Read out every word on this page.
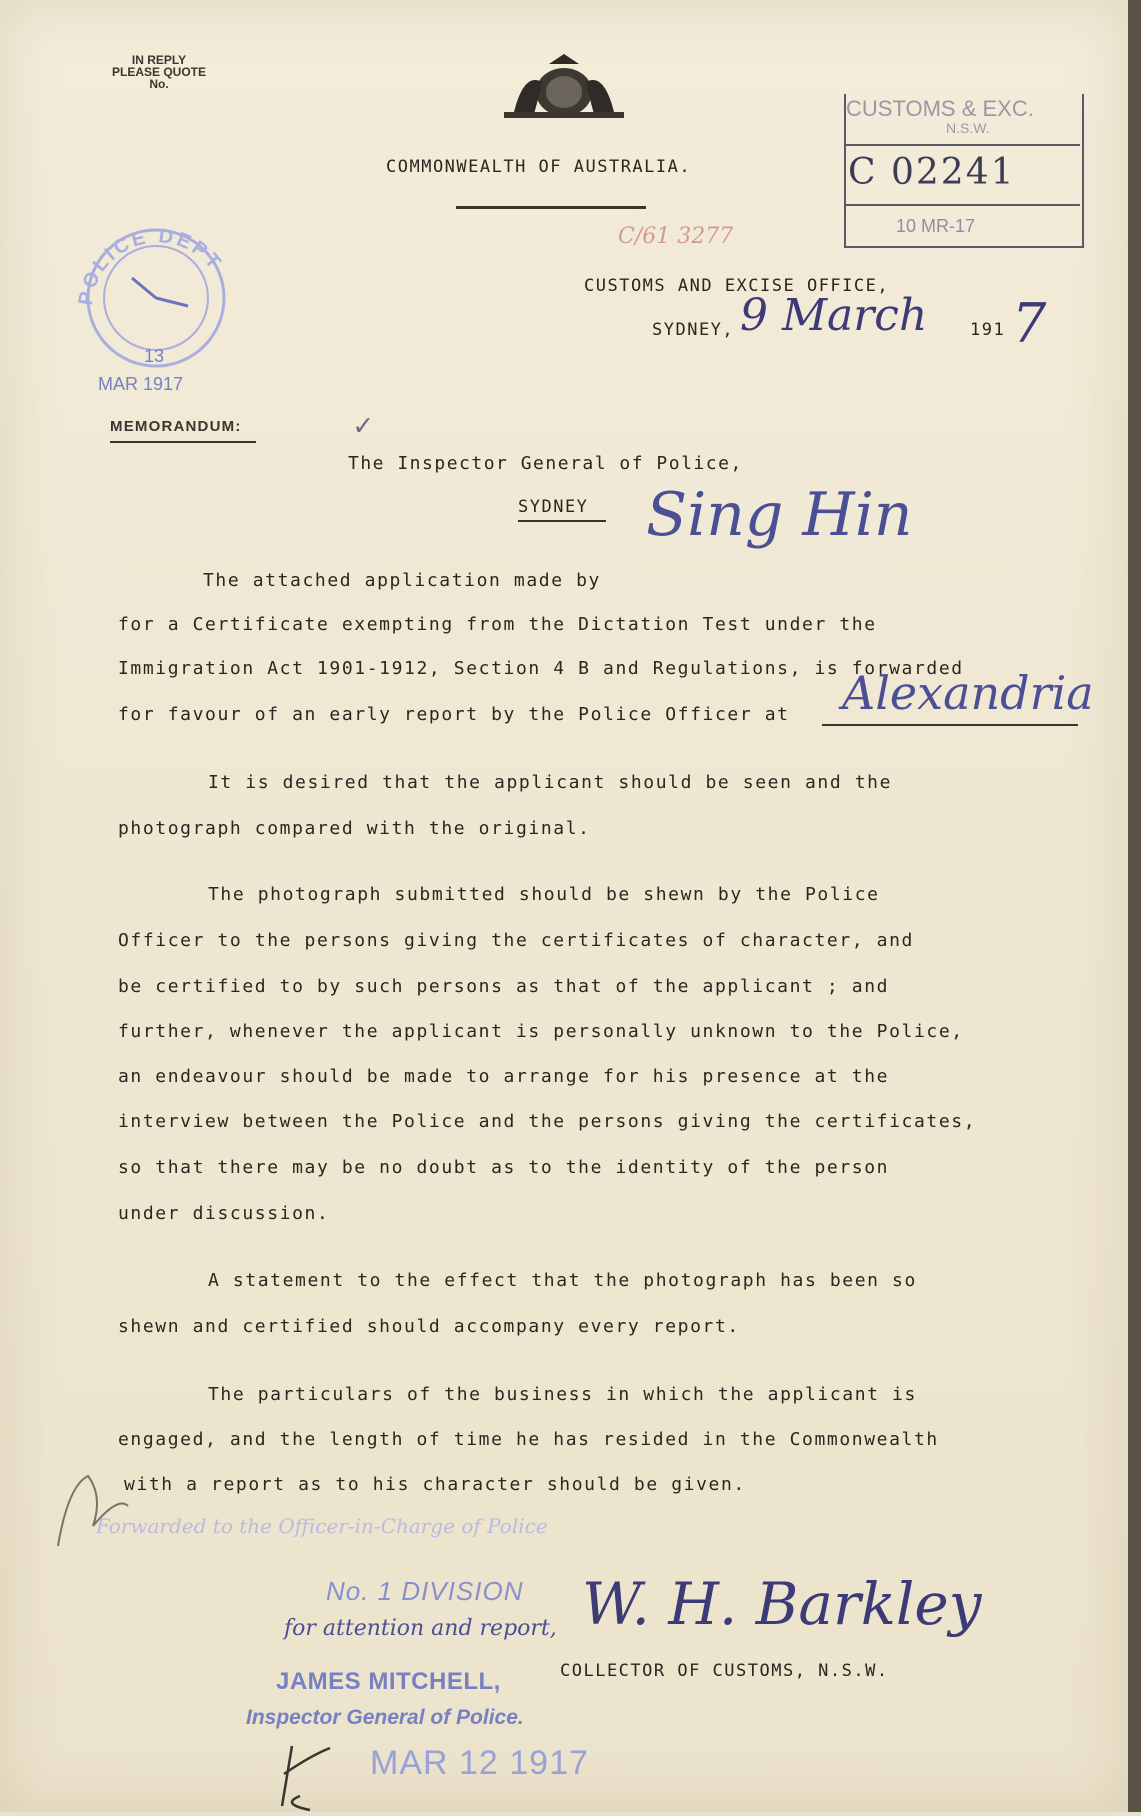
IN REPLY
PLEASE QUOTE
No.
COMMONWEALTH OF AUSTRALIA.
C/61 3277
CUSTOMS & EXC.
N.S.W.
C 02241
10 MR-17
POLICE DEPT
13
MAR 1917
CUSTOMS AND EXCISE OFFICE,
SYDNEY, 9 March	191 7
MEMORANDUM:	✓
The Inspector General of Police,
SYDNEY Sing Hin
The attached application made by
for a Certificate exempting from the Dictation Test under the
Immigration Act 1901-1912, Section 4 B and Regulations, is forwarded
for favour of an early report by the Police Officer at Alexandria
It is desired that the applicant should be seen and the
photograph compared with the original.
The photograph submitted should be shewn by the Police
Officer to the persons giving the certificates of character, and
be certified to by such persons as that of the applicant ; and
further, whenever the applicant is personally unknown to the Police,
an endeavour should be made to arrange for his presence at the
interview between the Police and the persons giving the certificates,
so that there may be no doubt as to the identity of the person
under discussion.
A statement to the effect that the photograph has been so
shewn and certified should accompany every report.
The particulars of the business in which the applicant is
engaged, and the length of time he has resided in the Commonwealth
with a report as to his character should be given.
Forwarded to the Officer-in-Charge of Police
No. 1 DIVISION
for attention and report,
JAMES MITCHELL,
Inspector General of Police.
MAR 12 1917
W. H. Barkley
COLLECTOR OF CUSTOMS, N.S.W.
